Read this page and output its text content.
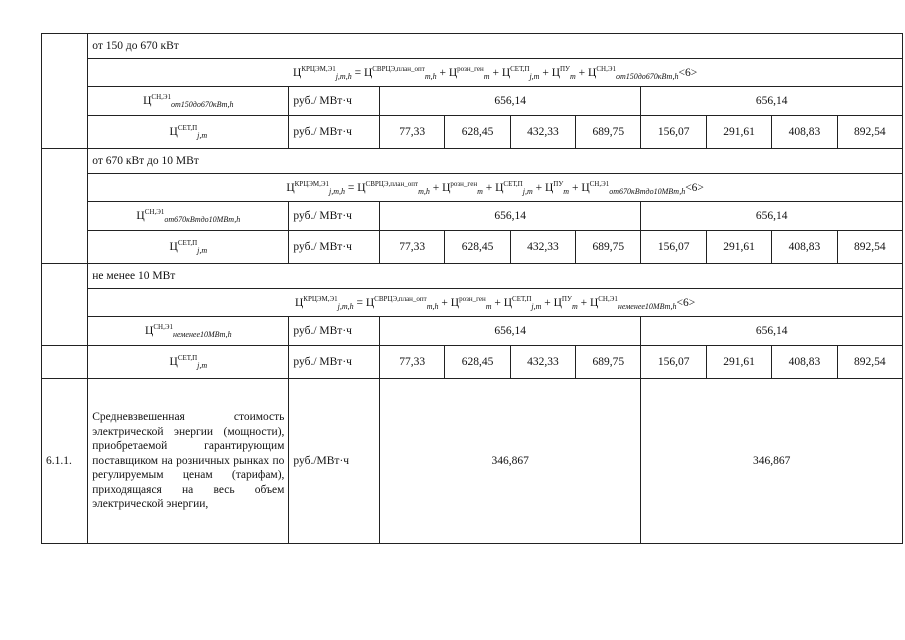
	от 150 до 670 кВт									
	$Ц^{КРЦЭМ,Э1}_{j,m,h} = Ц^{СВРЦЭ,план\_опт}_{m,h} + Ц^{розн\_ген}_m + Ц^{СЕТ,П}_{j,m} + Ц^{ПУ}_m + Ц^{СН,Э1}_{от150до670кВт,h}<6>$									
	$Ц^{СН,Э1}_{от150до670кВт,h}$	руб./ МВт·ч	656,14				656,14			
	$Ц^{СЕТ,П}_{j,m}$	руб./ МВт·ч	77,33	628,45	432,33	689,75	156,07	291,61	408,83	892,54
	от 670 кВт до 10 МВт									
	$Ц^{КРЦЭМ,Э1}_{j,m,h} = Ц^{СВРЦЭ,план\_опт}_{m,h} + Ц^{розн\_ген}_m + Ц^{СЕТ,П}_{j,m} + Ц^{ПУ}_m + Ц^{СН,Э1}_{от670кВтдо10МВт,h}<6>$									
	$Ц^{СН,Э1}_{от670кВтдо10МВт,h}$	руб./ МВт·ч	656,14				656,14			
	$Ц^{СЕТ,П}_{j,m}$	руб./ МВт·ч	77,33	628,45	432,33	689,75	156,07	291,61	408,83	892,54
	не менее 10 МВт									
	$Ц^{КРЦЭМ,Э1}_{j,m,h} = Ц^{СВРЦЭ,план\_опт}_{m,h} + Ц^{розн\_ген}_m + Ц^{СЕТ,П}_{j,m} + Ц^{ПУ}_m + Ц^{СН,Э1}_{неменее10МВт,h}<6>$									
	$Ц^{СН,Э1}_{неменее10МВт,h}$	руб./ МВт·ч	656,14				656,14			
	$Ц^{СЕТ,П}_{j,m}$	руб./ МВт·ч	77,33	628,45	432,33	689,75	156,07	291,61	408,83	892,54
6.1.1.	Средневзвешенная стоимость электрической энергии (мощности), приобретаемой гарантирующим поставщиком на розничных рынках по регулируемым ценам (тарифам), приходящаяся на весь объем электрической энергии,	руб./МВт·ч	346,867				346,867			
